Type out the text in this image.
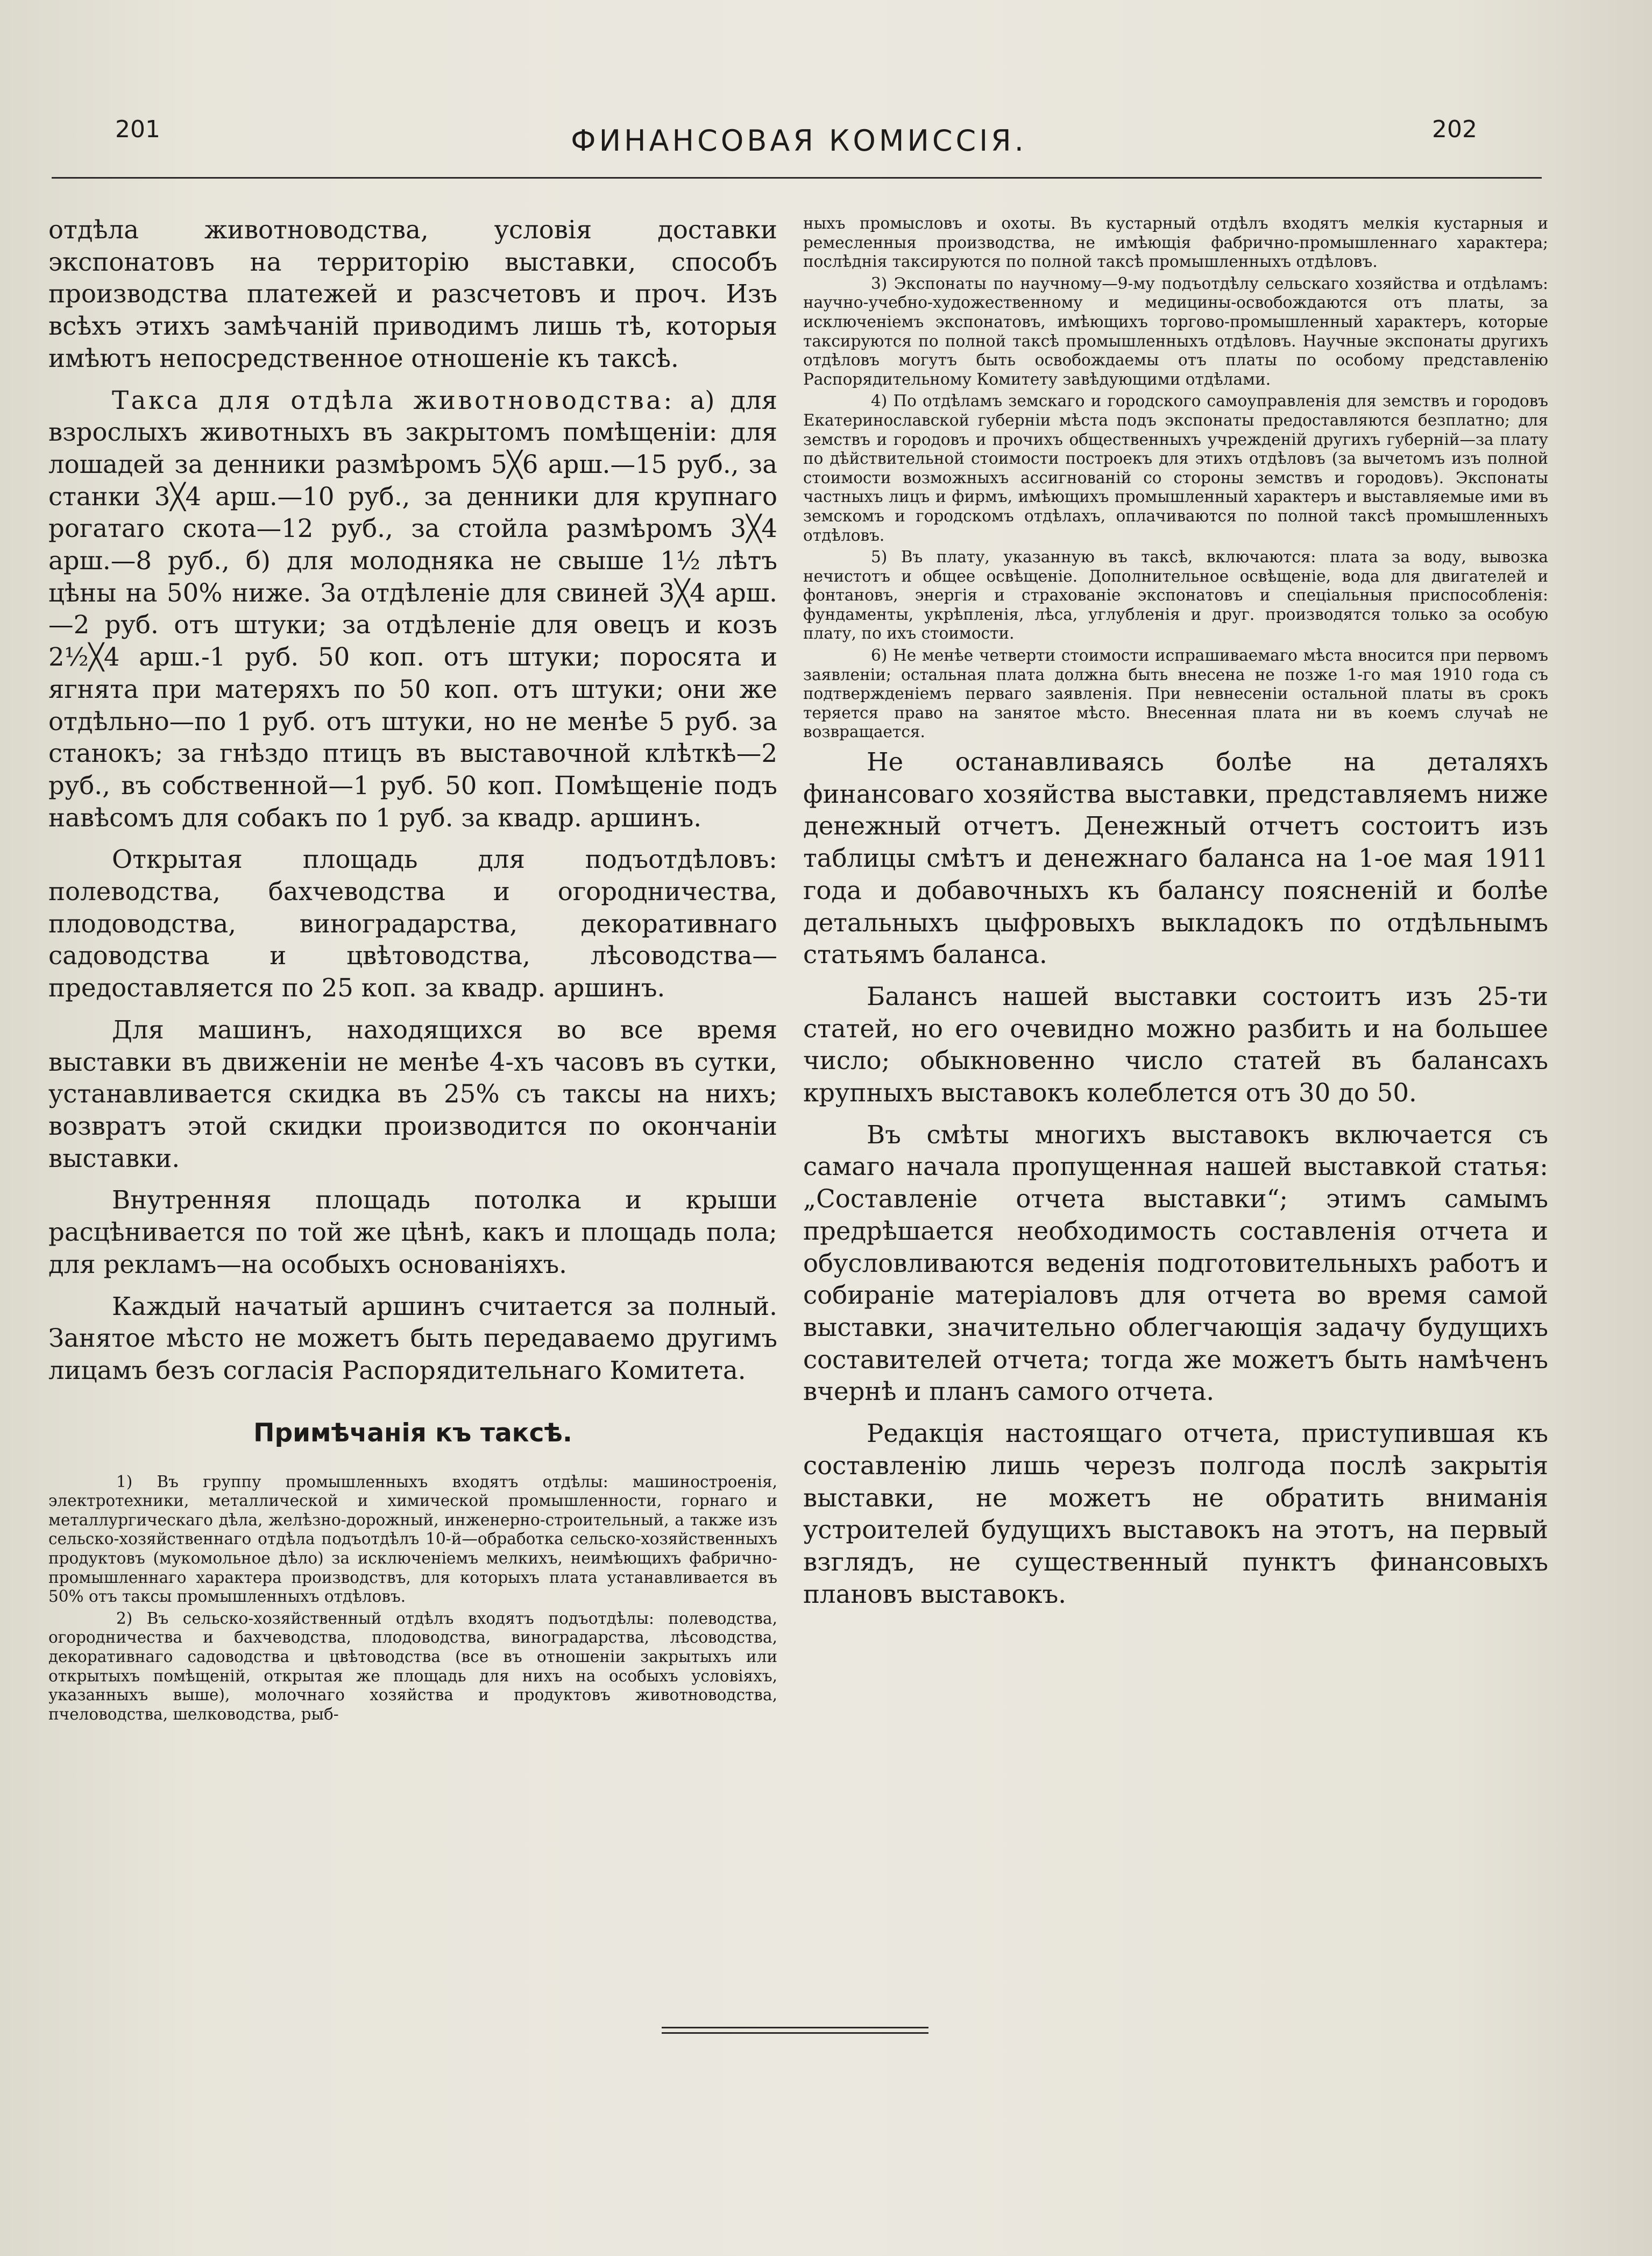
201	ФИНАНСОВАЯ КОМИССІЯ.	202

отдѣла животноводства, условія доставки экспонатовъ на территорію выставки, способъ производства платежей и разсчетовъ и проч. Изъ всѣхъ этихъ замѣчаній приводимъ лишь тѣ, которыя имѣютъ непосредственное отношеніе къ таксѣ.

Такса для отдѣла животноводства: а) для взрослыхъ животныхъ въ закрытомъ помѣщеніи: для лошадей за денники размѣромъ 5╳6 арш.—15 руб., за станки 3╳4 арш.—10 руб., за денники для крупнаго рогатаго скота—12 руб., за стойла размѣромъ 3╳4 арш.—8 руб., б) для молодняка не свыше 1½ лѣтъ цѣны на 50% ниже. За отдѣленіе для свиней 3╳4 арш.—2 руб. отъ штуки; за отдѣленіе для овецъ и козъ 2½╳4 арш.-1 руб. 50 коп. отъ штуки; поросята и ягнята при матеряхъ по 50 коп. отъ штуки; они же отдѣльно—по 1 руб. отъ штуки, но не менѣе 5 руб. за станокъ; за гнѣздо птицъ въ выставочной клѣткѣ—2 руб., въ собственной—1 руб. 50 коп. Помѣщеніе подъ навѣсомъ для собакъ по 1 руб. за квадр. аршинъ.

Открытая площадь для подъотдѣловъ: полеводства, бахчеводства и огородничества, плодоводства, виноградарства, декоративнаго садоводства и цвѣтоводства, лѣсоводства—предоставляется по 25 коп. за квадр. аршинъ.

Для машинъ, находящихся во все время выставки въ движеніи не менѣе 4-хъ часовъ въ сутки, устанавливается скидка въ 25% съ таксы на нихъ; возвратъ этой скидки производится по окончаніи выставки.

Внутренняя площадь потолка и крыши расцѣнивается по той же цѣнѣ, какъ и площадь пола; для рекламъ—на особыхъ основаніяхъ.

Каждый начатый аршинъ считается за полный. Занятое мѣсто не можетъ быть передаваемо другимъ лицамъ безъ согласія Распорядительнаго Комитета.

Примѣчанія къ таксѣ.

1) Въ группу промышленныхъ входятъ отдѣлы: машиностроенія, электротехники, металлической и химической промышленности, горнаго и металлургическаго дѣла, желѣзно-дорожный, инженерно-строительный, а также изъ сельско-хозяйственнаго отдѣла подъотдѣлъ 10-й—обработка сельско-хозяйственныхъ продуктовъ (мукомольное дѣло) за исключеніемъ мелкихъ, неимѣющихъ фабрично-промышленнаго характера производствъ, для которыхъ плата устанавливается въ 50% отъ таксы промышленныхъ отдѣловъ.

2) Въ сельско-хозяйственный отдѣлъ входятъ подъотдѣлы: полеводства, огородничества и бахчеводства, плодоводства, виноградарства, лѣсоводства, декоративнаго садоводства и цвѣтоводства (все въ отношеніи закрытыхъ или открытыхъ помѣщеній, открытая же площадь для нихъ на особыхъ условіяхъ, указанныхъ выше), молочнаго хозяйства и продуктовъ животноводства, пчеловодства, шелководства, рыб-

ныхъ промысловъ и охоты. Въ кустарный отдѣлъ входятъ мелкія кустарныя и ремесленныя производства, не имѣющія фабрично-промышленнаго характера; послѣднія таксируются по полной таксѣ промышленныхъ отдѣловъ.

3) Экспонаты по научному—9-му подъотдѣлу сельскаго хозяйства и отдѣламъ: научно-учебно-художественному и медицины-освобождаются отъ платы, за исключеніемъ экспонатовъ, имѣющихъ торгово-промышленный характеръ, которые таксируются по полной таксѣ промышленныхъ отдѣловъ. Научные экспонаты другихъ отдѣловъ могутъ быть освобождаемы отъ платы по особому представленію Распорядительному Комитету завѣдующими отдѣлами.

4) По отдѣламъ земскаго и городского самоуправленія для земствъ и городовъ Екатеринославской губерніи мѣста подъ экспонаты предоставляются безплатно; для земствъ и городовъ и прочихъ общественныхъ учрежденій другихъ губерній—за плату по дѣйствительной стоимости построекъ для этихъ отдѣловъ (за вычетомъ изъ полной стоимости возможныхъ ассигнованій со стороны земствъ и городовъ). Экспонаты частныхъ лицъ и фирмъ, имѣющихъ промышленный характеръ и выставляемые ими въ земскомъ и городскомъ отдѣлахъ, оплачиваются по полной таксѣ промышленныхъ отдѣловъ.

5) Въ плату, указанную въ таксѣ, включаются: плата за воду, вывозка нечистотъ и общее освѣщеніе. Дополнительное освѣщеніе, вода для двигателей и фонтановъ, энергія и страхованіе экспонатовъ и спеціальныя приспособленія: фундаменты, укрѣпленія, лѣса, углубленія и друг. производятся только за особую плату, по ихъ стоимости.

6) Не менѣе четверти стоимости испрашиваемаго мѣста вносится при первомъ заявленіи; остальная плата должна быть внесена не позже 1-го мая 1910 года съ подтвержденіемъ перваго заявленія. При невнесеніи остальной платы въ срокъ теряется право на занятое мѣсто. Внесенная плата ни въ коемъ случаѣ не возвращается.

Не останавливаясь болѣе на деталяхъ финансоваго хозяйства выставки, представляемъ ниже денежный отчетъ. Денежный отчетъ состоитъ изъ таблицы смѣтъ и денежнаго баланса на 1-ое мая 1911 года и добавочныхъ къ балансу поясненій и болѣе детальныхъ цыфровыхъ выкладокъ по отдѣльнымъ статьямъ баланса.

Балансъ нашей выставки состоитъ изъ 25-ти статей, но его очевидно можно разбить и на большее число; обыкновенно число статей въ балансахъ крупныхъ выставокъ колеблется отъ 30 до 50.

Въ смѣты многихъ выставокъ включается съ самаго начала пропущенная нашей выставкой статья: „Составленіе отчета выставки“; этимъ самымъ предрѣшается необходимость составленія отчета и обусловливаются веденія подготовительныхъ работъ и собираніе матеріаловъ для отчета во время самой выставки, значительно облегчающія задачу будущихъ составителей отчета; тогда же можетъ быть намѣченъ вчернѣ и планъ самого отчета.

Редакція настоящаго отчета, приступившая къ составленію лишь черезъ полгода послѣ закрытія выставки, не можетъ не обратить вниманія устроителей будущихъ выставокъ на этотъ, на первый взглядъ, не существенный пунктъ финансовыхъ плановъ выставокъ.
